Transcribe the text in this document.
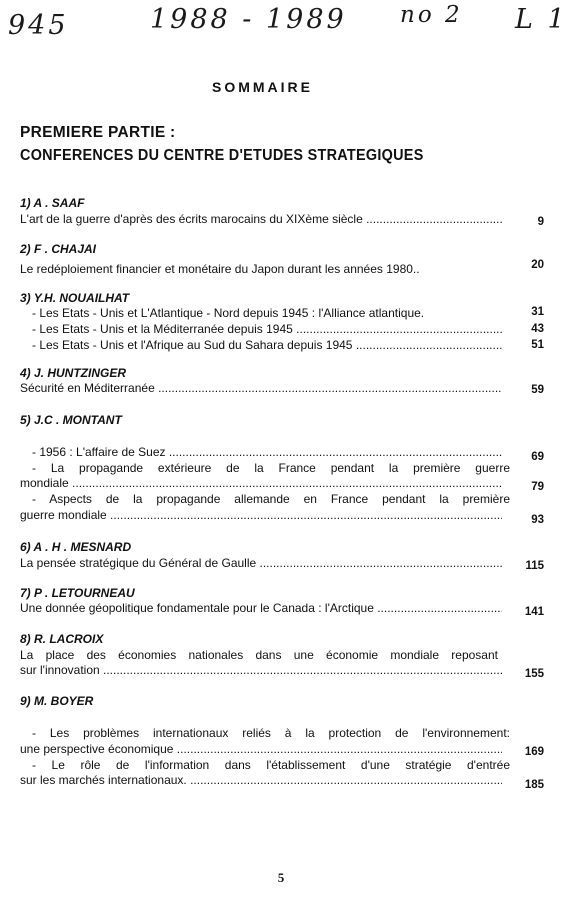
945	1988 - 1989 no 2 L 1
SOMMAIRE
PREMIERE PARTIE :
CONFERENCES DU CENTRE D'ETUDES STRATEGIQUES
1) A . SAAF
L'art de la guerre d'après des écrits marocains du XIXème siècle .....	9
2) F . CHAJAI
Le redéploiement financier et monétaire du Japon durant les années 1980..	20
3) Y.H. NOUAILHAT
- Les Etats - Unis et L'Atlantique - Nord depuis 1945 : l'Alliance atlantique.	31
- Les Etats - Unis et la Méditerranée depuis 1945 .....	43
- Les Etats - Unis et l'Afrique au Sud du Sahara depuis 1945 .....	51
4) J. HUNTZINGER
Sécurité en Méditerranée .....	59
5) J.C . MONTANT
- 1956 : L'affaire de Suez .....	69
- La propagande extérieure de la France pendant la première guerre
mondiale .....	79
- Aspects de la propagande allemande en France pendant la première
guerre mondiale .....	93
6) A . H . MESNARD
La pensée stratégique du Général de Gaulle .....	115
7) P . LETOURNEAU
Une donnée géopolitique fondamentale pour le Canada : l'Arctique .....	141
8) R. LACROIX
La place des économies nationales dans une économie mondiale reposant
sur l'innovation .....	155
9) M. BOYER
- Les problèmes internationaux reliés à la protection de l'environnement:
une perspective économique .....	169
- Le rôle de l'information dans l'établissement d'une stratégie d'entrée
sur les marchés internationaux. .....	185
5
